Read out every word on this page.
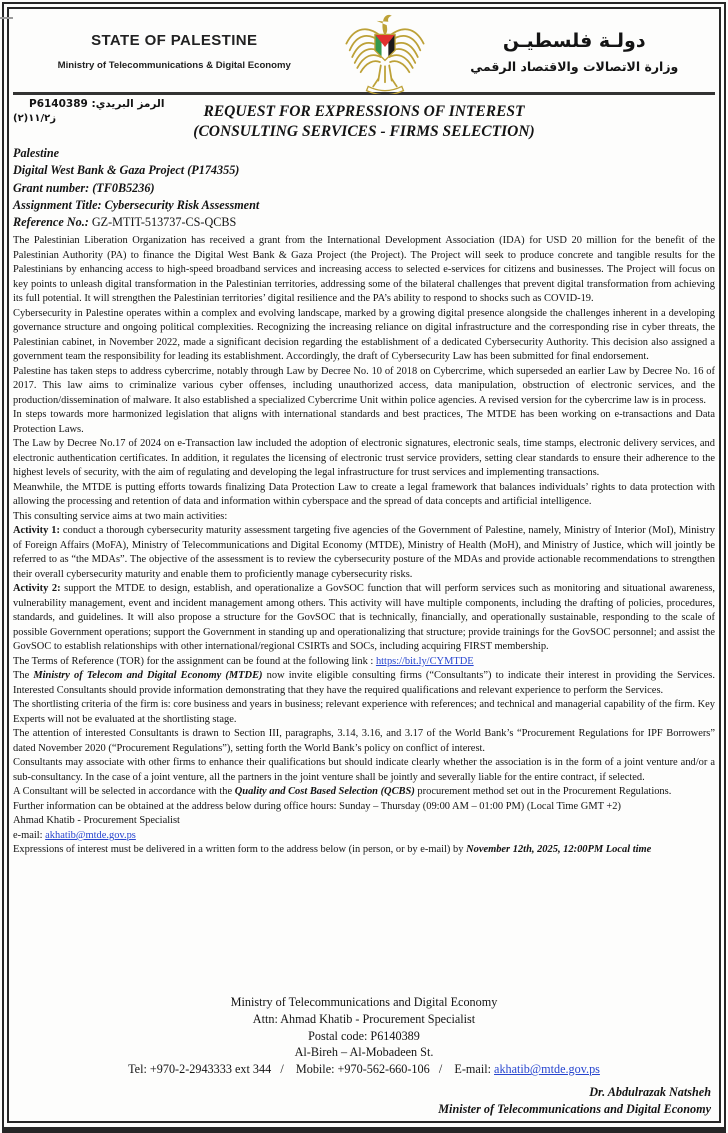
STATE OF PALESTINE
Ministry of Telecommunications & Digital Economy
دولـة فلسطيـن
وزارة الاتصالات والاقتصاد الرقمي
الرمز البريدي: P6140389
(٢)١١/٢ز	REQUEST FOR EXPRESSIONS OF INTEREST
(CONSULTING SERVICES - FIRMS SELECTION)
Palestine
Digital West Bank & Gaza Project (P174355)
Grant number: (TF0B5236)
Assignment Title: Cybersecurity Risk Assessment
Reference No.: GZ-MTIT-513737-CS-QCBS

The Palestinian Liberation Organization has received a grant from the International Development Association (IDA) for USD 20 million for the benefit of the Palestinian Authority (PA) to finance the Digital West Bank & Gaza Project (the Project). The Project will seek to produce concrete and tangible results for the Palestinians by enhancing access to high-speed broadband services and increasing access to selected e-services for citizens and businesses. The Project will focus on key points to unleash digital transformation in the Palestinian territories, addressing some of the bilateral challenges that prevent digital transformation from achieving its full potential. It will strengthen the Palestinian territories’ digital resilience and the PA’s ability to respond to shocks such as COVID-19.

Cybersecurity in Palestine operates within a complex and evolving landscape, marked by a growing digital presence alongside the challenges inherent in a developing governance structure and ongoing political complexities. Recognizing the increasing reliance on digital infrastructure and the corresponding rise in cyber threats, the Palestinian cabinet, in November 2022, made a significant decision regarding the establishment of a dedicated Cybersecurity Authority. This decision also assigned a government team the responsibility for leading its establishment. Accordingly, the draft of Cybersecurity Law has been submitted for final endorsement.

Palestine has taken steps to address cybercrime, notably through Law by Decree No. 10 of 2018 on Cybercrime, which superseded an earlier Law by Decree No. 16 of 2017. This law aims to criminalize various cyber offenses, including unauthorized access, data manipulation, obstruction of electronic services, and the production/dissemination of malware. It also established a specialized Cybercrime Unit within police agencies. A revised version for the cybercrime law is in process.

In steps towards more harmonized legislation that aligns with international standards and best practices, The MTDE has been working on e-transactions and Data Protection Laws.

The Law by Decree No.17 of 2024 on e-Transaction law included the adoption of electronic signatures, electronic seals, time stamps, electronic delivery services, and electronic authentication certificates. In addition, it regulates the licensing of electronic trust service providers, setting clear standards to ensure their adherence to the highest levels of security, with the aim of regulating and developing the legal infrastructure for trust services and implementing transactions.

Meanwhile, the MTDE is putting efforts towards finalizing Data Protection Law to create a legal framework that balances individuals’ rights to data protection with allowing the processing and retention of data and information within cyberspace and the spread of data concepts and artificial intelligence.

This consulting service aims at two main activities:

Activity 1: conduct a thorough cybersecurity maturity assessment targeting five agencies of the Government of Palestine, namely, Ministry of Interior (MoI), Ministry of Foreign Affairs (MoFA), Ministry of Telecommunications and Digital Economy (MTDE), Ministry of Health (MoH), and Ministry of Justice, which will jointly be referred to as “the MDAs”. The objective of the assessment is to review the cybersecurity posture of the MDAs and provide actionable recommendations to strengthen their overall cybersecurity maturity and enable them to proficiently manage cybersecurity risks.

Activity 2: support the MTDE to design, establish, and operationalize a GovSOC function that will perform services such as monitoring and situational awareness, vulnerability management, event and incident management among others. This activity will have multiple components, including the drafting of policies, procedures, standards, and guidelines. It will also propose a structure for the GovSOC that is technically, financially, and operationally sustainable, responding to the scale of possible Government operations; support the Government in standing up and operationalizing that structure; provide trainings for the GovSOC personnel; and assist the GovSOC to establish relationships with other international/regional CSIRTs and SOCs, including acquiring FIRST membership.

The Terms of Reference (TOR) for the assignment can be found at the following link : https://bit.ly/CYMTDE

The Ministry of Telecom and Digital Economy (MTDE) now invite eligible consulting firms (“Consultants”) to indicate their interest in providing the Services. Interested Consultants should provide information demonstrating that they have the required qualifications and relevant experience to perform the Services.

The shortlisting criteria of the firm is: core business and years in business; relevant experience with references; and technical and managerial capability of the firm. Key Experts will not be evaluated at the shortlisting stage.

The attention of interested Consultants is drawn to Section III, paragraphs, 3.14, 3.16, and 3.17 of the World Bank’s “Procurement Regulations for IPF Borrowers” dated November 2020 (“Procurement Regulations”), setting forth the World Bank’s policy on conflict of interest.

Consultants may associate with other firms to enhance their qualifications but should indicate clearly whether the association is in the form of a joint venture and/or a sub-consultancy. In the case of a joint venture, all the partners in the joint venture shall be jointly and severally liable for the entire contract, if selected.

A Consultant will be selected in accordance with the Quality and Cost Based Selection (QCBS) procurement method set out in the Procurement Regulations.

Further information can be obtained at the address below during office hours: Sunday – Thursday (09:00 AM – 01:00 PM) (Local Time GMT +2)

Ahmad Khatib - Procurement Specialist

e-mail: akhatib@mtde.gov.ps

Expressions of interest must be delivered in a written form to the address below (in person, or by e-mail) by November 12th, 2025, 12:00PM Local time

Ministry of Telecommunications and Digital Economy
Attn: Ahmad Khatib - Procurement Specialist
Postal code: P6140389
Al-Bireh – Al-Mobadeen St.
Tel: +970-2-2943333 ext 344   /    Mobile: +970-562-660-106   /    E-mail: akhatib@mtde.gov.ps
Dr. Abdulrazak Natsheh
Minister of Telecommunications and Digital Economy
